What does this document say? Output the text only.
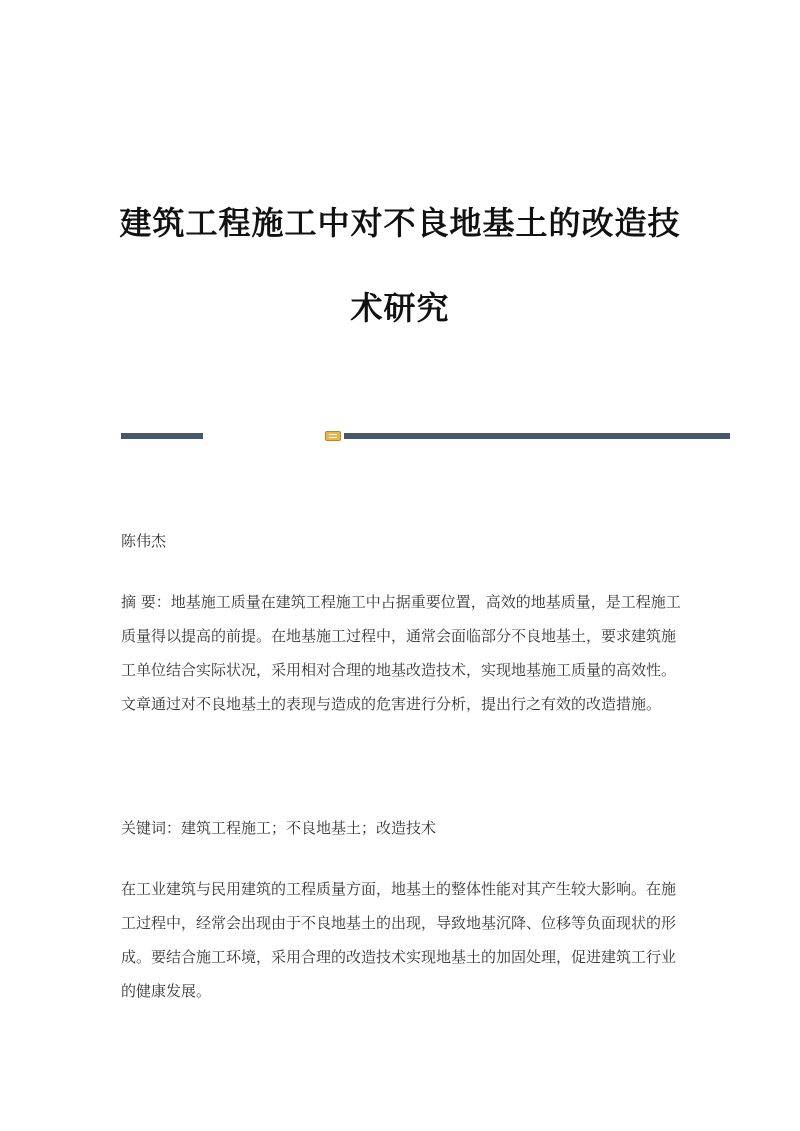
建筑工程施工中对不良地基土的改造技
术研究

陈伟杰

摘 要：地基施工质量在建筑工程施工中占据重要位置，高效的地基质量，是工程施工质量得以提高的前提。在地基施工过程中，通常会面临部分不良地基土，要求建筑施工单位结合实际状况，采用相对合理的地基改造技术，实现地基施工质量的高效性。文章通过对不良地基土的表现与造成的危害进行分析，提出行之有效的改造措施。

关键词：建筑工程施工；不良地基土；改造技术

在工业建筑与民用建筑的工程质量方面，地基土的整体性能对其产生较大影响。在施工过程中，经常会出现由于不良地基土的出现，导致地基沉降、位移等负面现状的形成。要结合施工环境，采用合理的改造技术实现地基土的加固处理，促进建筑工行业的健康发展。
